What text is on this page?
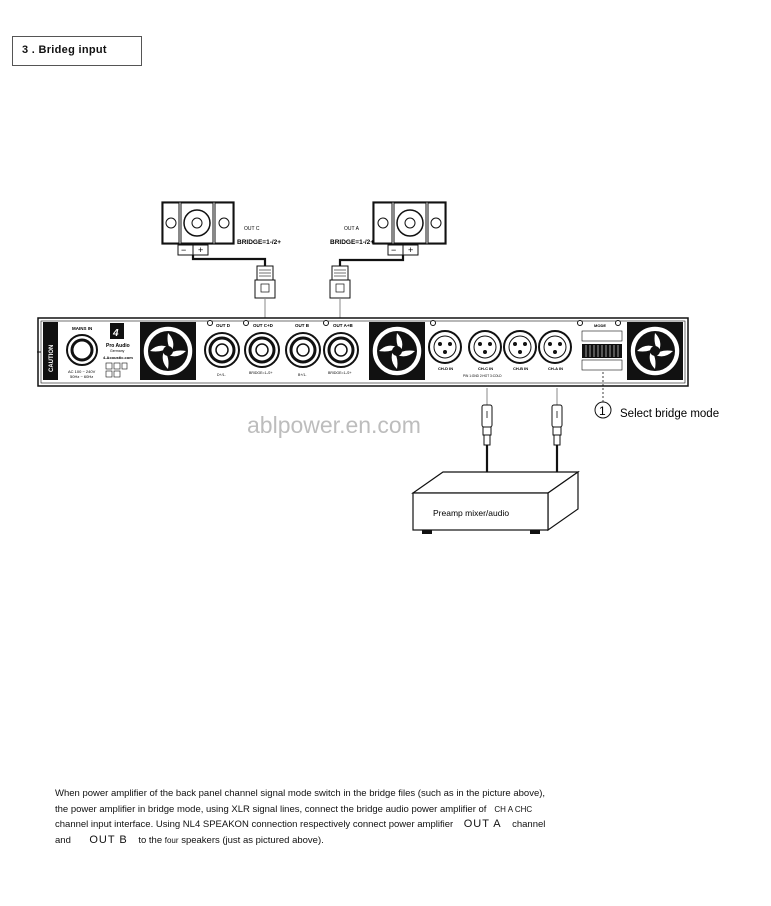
3 . Brideg input
− +
OUT C
BRIDGE=1-/2+
− +
OUT A
BRIDGE=1-/2+
CAUTION
MAINS IN
AC 100 ~ 240V
50Hz ~ 60Hz
4
Pro Audio
Germany
4-Acoustic.com
OUT D
D+/1-
OUT C+D
BRIDGE=1-/2+
OUT B
B+/1-
OUT A+B
BRIDGE=1-/2+
CH-D IN	CH-C IN	CH-B IN	CH-A IN
PIN 1:GND 2:HOT 3:COLD
MODE
1 Select bridge mode
ablpower.en.com
Preamp mixer/audio
When power amplifier of the back panel channel signal mode switch in the bridge files (such as in the picture above),
the power amplifier in bridge mode, using XLR signal lines, connect the bridge audio power amplifier of CH A CHC
channel input interface. Using NL4 SPEAKON connection respectively connect power amplifier OUT A channel
and OUT B to the four speakers (just as pictured above).
